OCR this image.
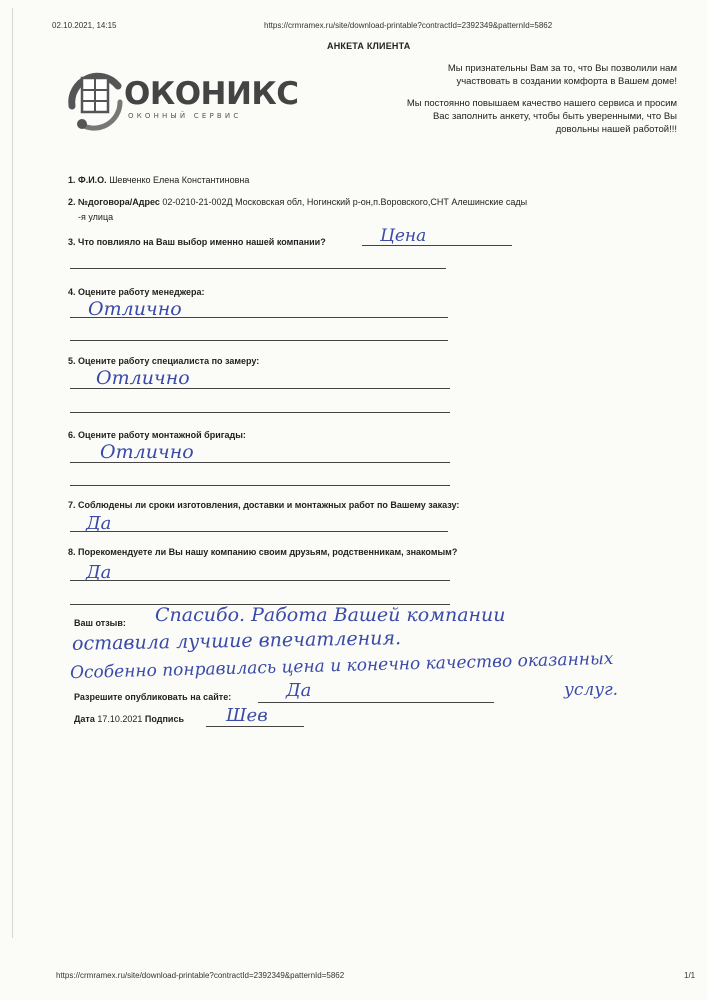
02.10.2021, 14:15	https://crmramex.ru/site/download-printable?contractId=2392349&patternId=5862
АНКЕТА КЛИЕНТА
ОКОНИКС
ОКОННЫЙ СЕРВИС
Мы признательны Вам за то, что Вы позволили нам
участвовать в создании комфорта в Вашем доме!
Мы постоянно повышаем качество нашего сервиса и просим
Вас заполнить анкету, чтобы быть уверенными, что Вы
довольны нашей работой!!!
1. Ф.И.О. Шевченко Елена Константиновна
2. №договора/Адрес 02-0210-21-002Д Московская обл, Ногинский р-он,п.Воровского,СНТ Алешинские сады
-я улица
3. Что повлияло на Ваш выбор именно нашей компании?	Цена
4. Оцените работу менеджера:
Отлично
5. Оцените работу специалиста по замеру:
Отлично
6. Оцените работу монтажной бригады:
Отлично
7. Соблюдены ли сроки изготовления, доставки и монтажных работ по Вашему заказу:
Да
8. Порекомендуете ли Вы нашу компанию своим друзьям, родственникам, знакомым?
Да
Ваш отзыв: Спасибо. Работа Вашей компании
оставила лучшие впечатления.
Особенно понравилась цена и конечно качество оказанных
услуг.
Разрешите опубликовать на сайте:	Да
Дата 17.10.2021 Подпись Шев
https://crmramex.ru/site/download-printable?contractId=2392349&patternId=5862	1/1
